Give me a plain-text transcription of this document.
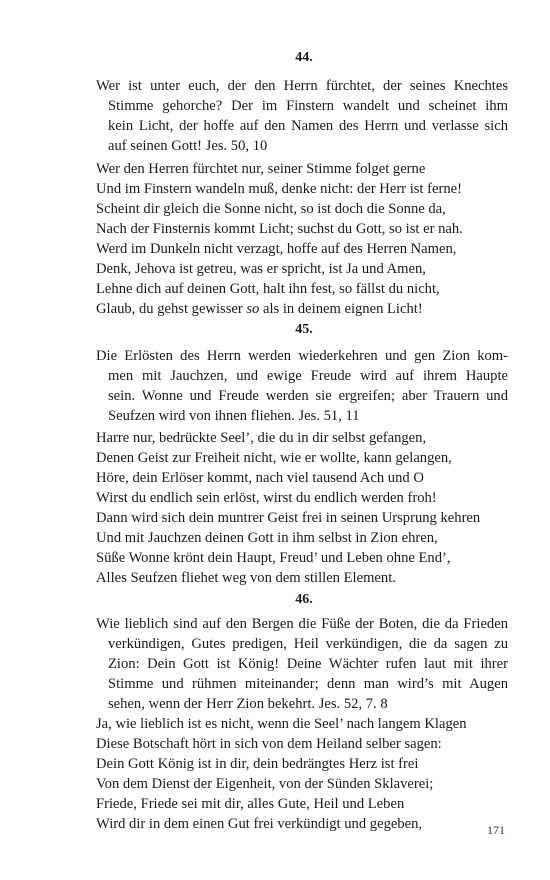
44.
Wer ist unter euch, der den Herrn fürchtet, der seines Knechtes
Stimme gehorche? Der im Finstern wandelt und scheinet ihm
kein Licht, der hoffe auf den Namen des Herrn und verlasse sich
auf seinen Gott! Jes. 50, 10
Wer den Herren fürchtet nur, seiner Stimme folget gerne
Und im Finstern wandeln muß, denke nicht: der Herr ist ferne!
Scheint dir gleich die Sonne nicht, so ist doch die Sonne da,
Nach der Finsternis kommt Licht; suchst du Gott, so ist er nah.
Werd im Dunkeln nicht verzagt, hoffe auf des Herren Namen,
Denk, Jehova ist getreu, was er spricht, ist Ja und Amen,
Lehne dich auf deinen Gott, halt ihn fest, so fällst du nicht,
Glaub, du gehst gewisser so als in deinem eignen Licht!
45.
Die Erlösten des Herrn werden wiederkehren und gen Zion kom-
men mit Jauchzen, und ewige Freude wird auf ihrem Haupte
sein. Wonne und Freude werden sie ergreifen; aber Trauern und
Seufzen wird von ihnen fliehen. Jes. 51, 11
Harre nur, bedrückte Seel’, die du in dir selbst gefangen,
Denen Geist zur Freiheit nicht, wie er wollte, kann gelangen,
Höre, dein Erlöser kommt, nach viel tausend Ach und O
Wirst du endlich sein erlöst, wirst du endlich werden froh!
Dann wird sich dein muntrer Geist frei in seinen Ursprung kehren
Und mit Jauchzen deinen Gott in ihm selbst in Zion ehren,
Süße Wonne krönt dein Haupt, Freud’ und Leben ohne End’,
Alles Seufzen fliehet weg von dem stillen Element.
46.
Wie lieblich sind auf den Bergen die Füße der Boten, die da Frieden
verkündigen, Gutes predigen, Heil verkündigen, die da sagen zu
Zion: Dein Gott ist König! Deine Wächter rufen laut mit ihrer
Stimme und rühmen miteinander; denn man wird’s mit Augen
sehen, wenn der Herr Zion bekehrt. Jes. 52, 7. 8
Ja, wie lieblich ist es nicht, wenn die Seel’ nach langem Klagen
Diese Botschaft hört in sich von dem Heiland selber sagen:
Dein Gott König ist in dir, dein bedrängtes Herz ist frei
Von dem Dienst der Eigenheit, von der Sünden Sklaverei;
Friede, Friede sei mit dir, alles Gute, Heil und Leben
Wird dir in dem einen Gut frei verkündigt und gegeben,	171
